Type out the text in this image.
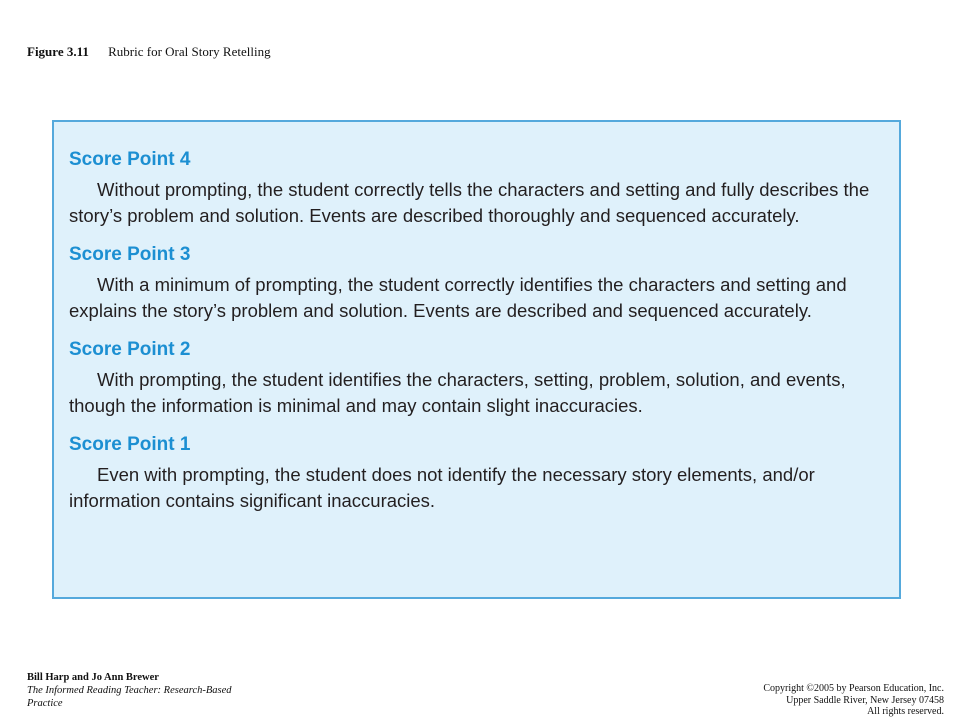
Figure 3.11 Rubric for Oral Story Retelling
Score Point 4

Without prompting, the student correctly tells the characters and setting and fully describes the story’s problem and solution. Events are described thoroughly and sequenced accurately.

Score Point 3

With a minimum of prompting, the student correctly identifies the characters and setting and explains the story’s problem and solution. Events are described and sequenced accurately.

Score Point 2

With prompting, the student identifies the characters, setting, problem, solution, and events, though the information is minimal and may contain slight inaccuracies.

Score Point 1

Even with prompting, the student does not identify the necessary story elements, and/or information contains significant inaccuracies.

Bill Harp and Jo Ann Brewer
The Informed Reading Teacher: Research-Based Practice
Copyright ©2005 by Pearson Education, Inc.
Upper Saddle River, New Jersey 07458
All rights reserved.
